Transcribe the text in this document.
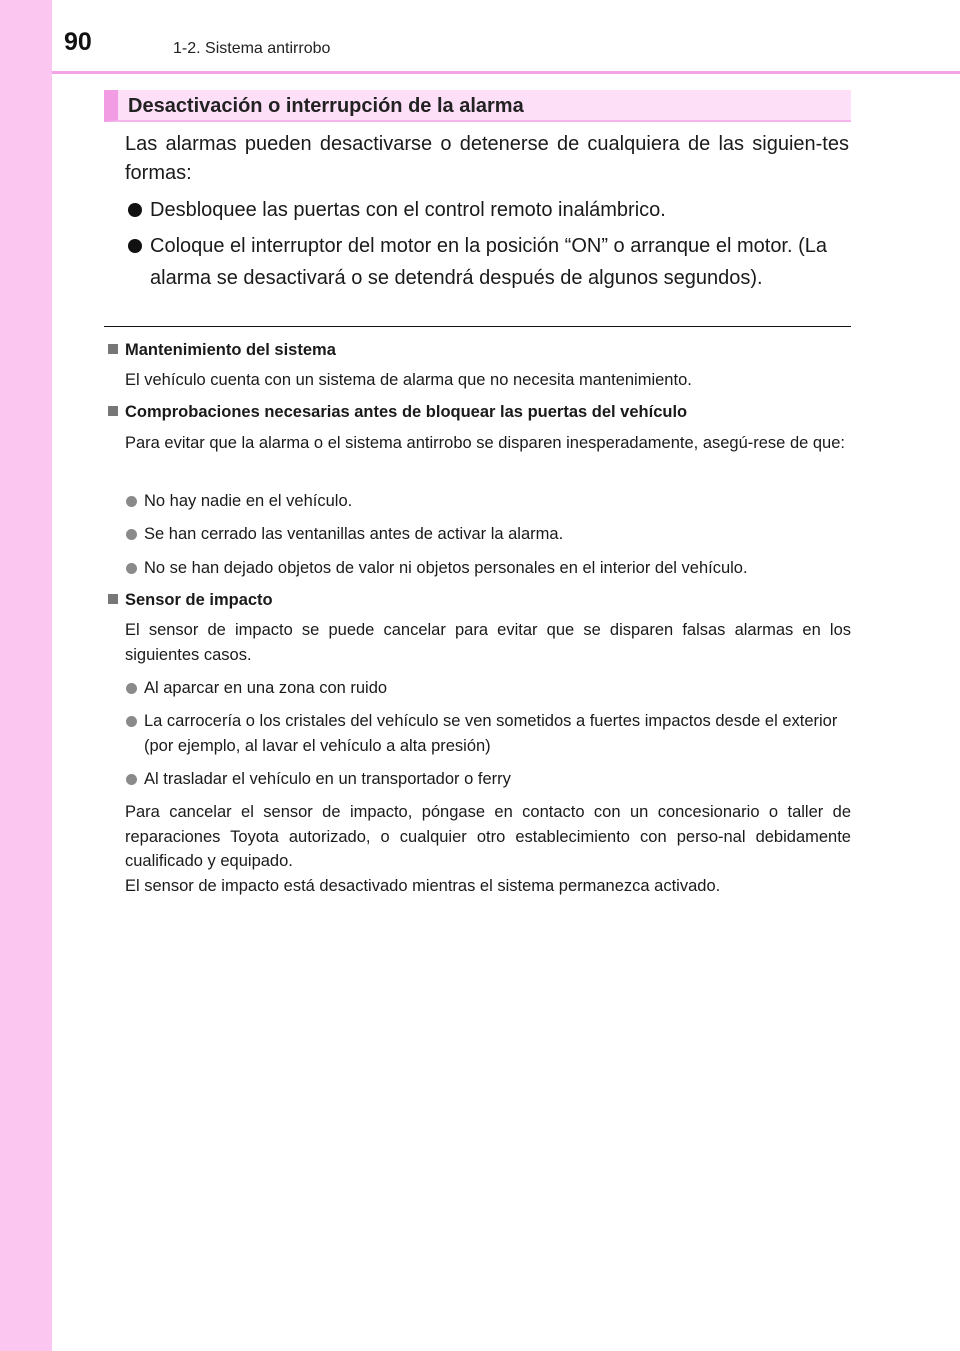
90	1-2. Sistema antirrobo
Desactivación o interrupción de la alarma
Las alarmas pueden desactivarse o detenerse de cualquiera de las siguien-tes formas:
Desbloquee las puertas con el control remoto inalámbrico.
Coloque el interruptor del motor en la posición “ON” o arranque el motor. (La alarma se desactivará o se detendrá después de algunos segundos).
Mantenimiento del sistema
El vehículo cuenta con un sistema de alarma que no necesita mantenimiento.
Comprobaciones necesarias antes de bloquear las puertas del vehículo
Para evitar que la alarma o el sistema antirrobo se disparen inesperadamente, asegú-rese de que:
No hay nadie en el vehículo.
Se han cerrado las ventanillas antes de activar la alarma.
No se han dejado objetos de valor ni objetos personales en el interior del vehículo.
Sensor de impacto
El sensor de impacto se puede cancelar para evitar que se disparen falsas alarmas en los siguientes casos.
Al aparcar en una zona con ruido
La carrocería o los cristales del vehículo se ven sometidos a fuertes impactos desde el exterior (por ejemplo, al lavar el vehículo a alta presión)
Al trasladar el vehículo en un transportador o ferry

Para cancelar el sensor de impacto, póngase en contacto con un concesionario o taller de reparaciones Toyota autorizado, o cualquier otro establecimiento con perso-nal debidamente cualificado y equipado.

El sensor de impacto está desactivado mientras el sistema permanezca activado.
